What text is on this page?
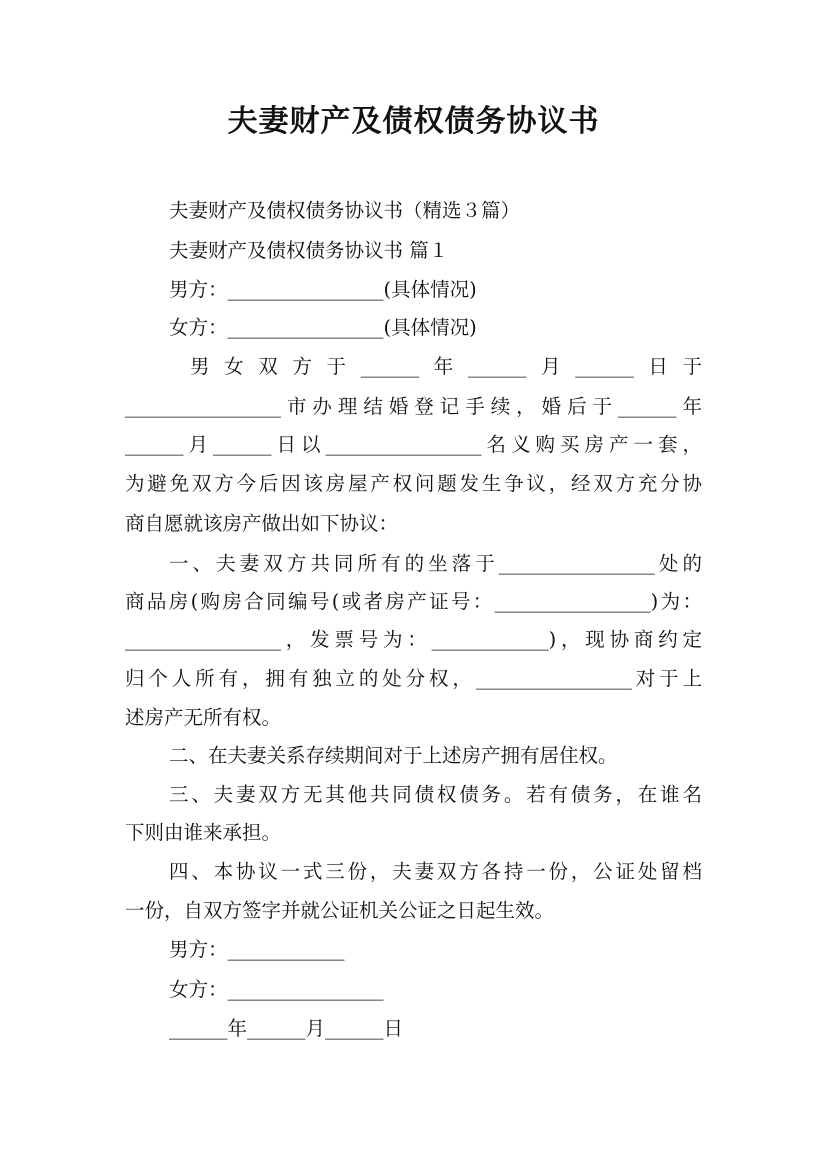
夫妻财产及债权债务协议书
夫妻财产及债权债务协议书（精选３篇）
夫妻财产及债权债务协议书 篇１
男方：________________(具体情况)
女方：________________(具体情况)
男女双方于______年______月______日于
________________市办理结婚登记手续，婚后于______年
______月______日以________________名义购买房产一套，
为避免双方今后因该房屋产权问题发生争议，经双方充分协
商自愿就该房产做出如下协议：
一、夫妻双方共同所有的坐落于________________处的
商品房(购房合同编号(或者房产证号：________________)为：
________________，发票号为：____________)，现协商约定
归个人所有，拥有独立的处分权，________________对于上
述房产无所有权。
二、在夫妻关系存续期间对于上述房产拥有居住权。
三、夫妻双方无其他共同债权债务。若有债务，在谁名
下则由谁来承担。
四、本协议一式三份，夫妻双方各持一份，公证处留档
一份，自双方签字并就公证机关公证之日起生效。
男方：____________
女方：________________
______年______月______日
